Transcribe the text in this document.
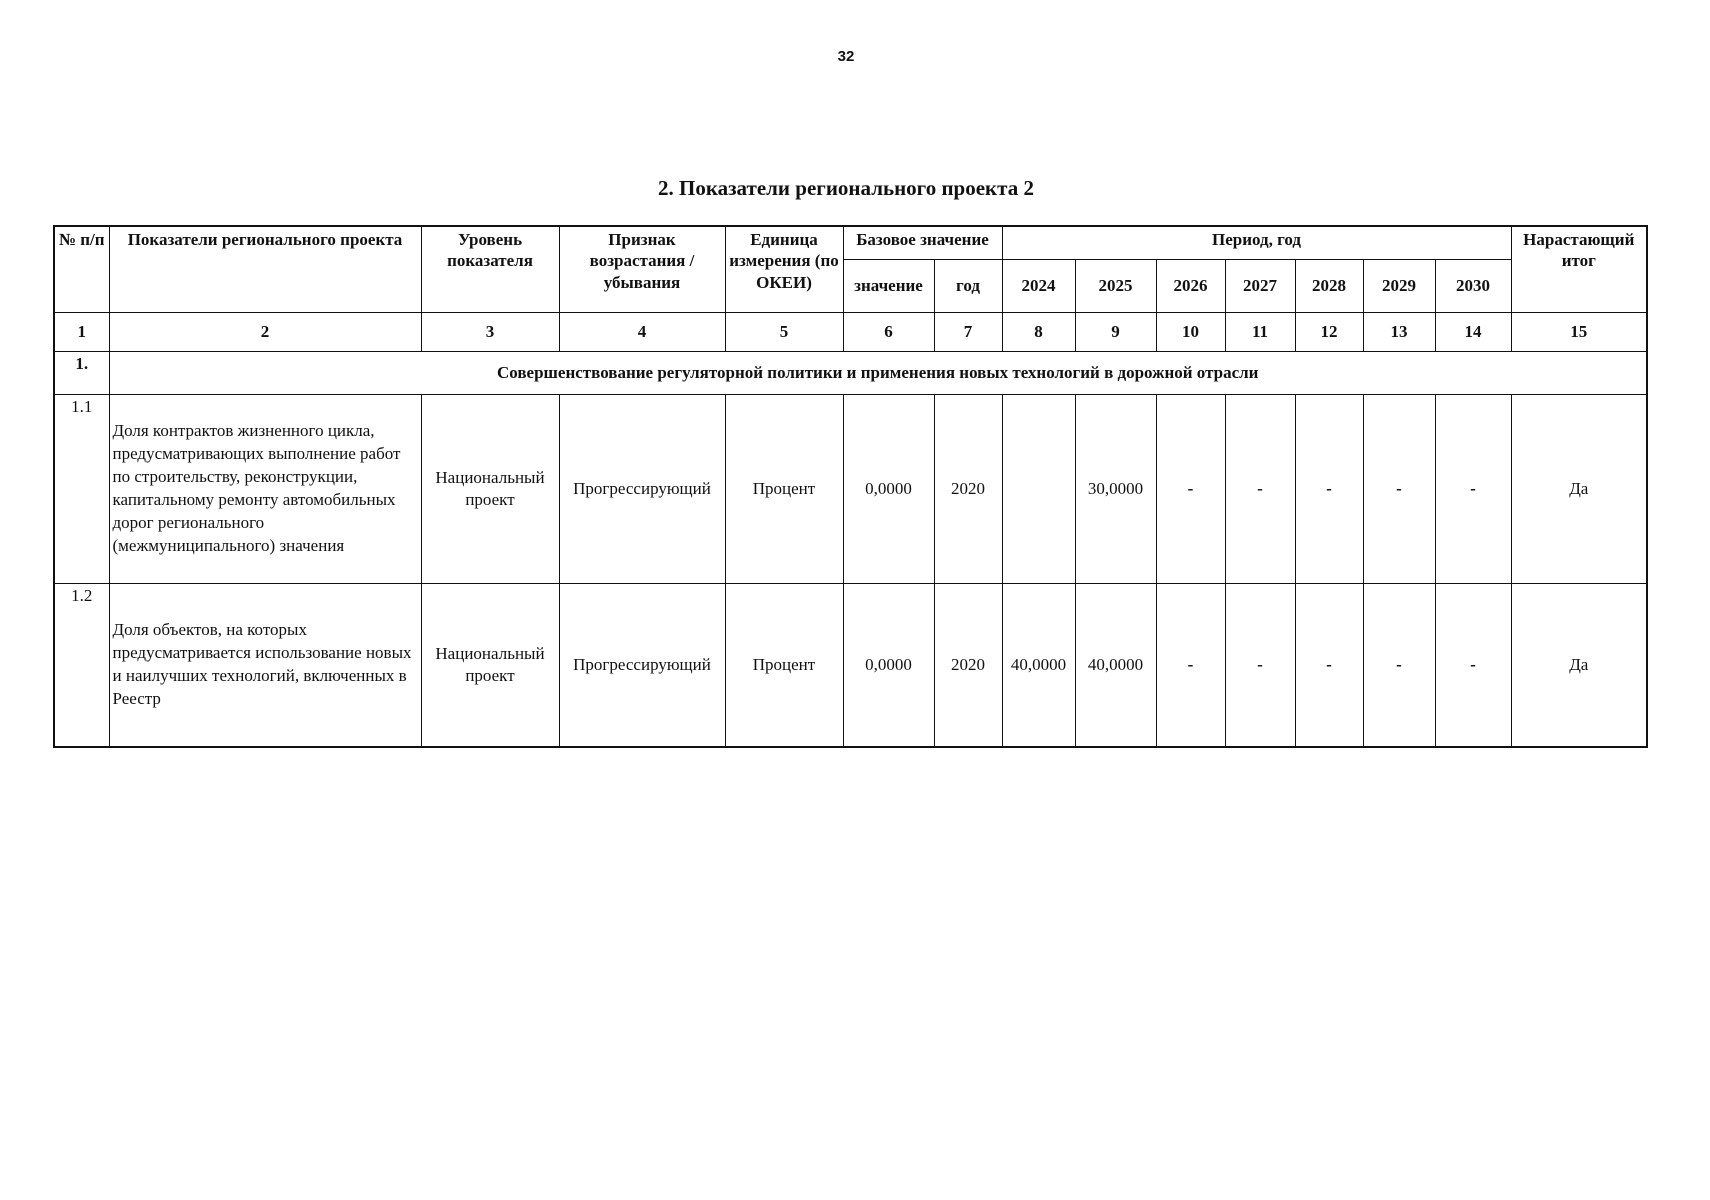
32
2. Показатели регионального проекта 2
№ п/п	Показатели регионального проекта	Уровень показателя	Признак возрастания / убывания	Единица измерения (по ОКЕИ)	Базовое значение		Период, год							Нарастающий итог
					значение	год	2024	2025	2026	2027	2028	2029	2030	
1	2	3	4	5	6	7	8	9	10	11	12	13	14	15
1.	Совершенствование регуляторной политики и применения новых технологий в дорожной отрасли													
1.1	Доля контрактов жизненного цикла, предусматривающих выполнение работ по строительству, реконструкции, капитальному ремонту автомобильных дорог регионального (межмуниципального) значения	Национальный проект	Прогрессирующий	Процент	0,0000	2020		30,0000	-	-	-	-	-	Да
1.2	Доля объектов, на которых предусматривается использование новых и наилучших технологий, включенных в Реестр	Национальный проект	Прогрессирующий	Процент	0,0000	2020	40,0000	40,0000	-	-	-	-	-	Да
